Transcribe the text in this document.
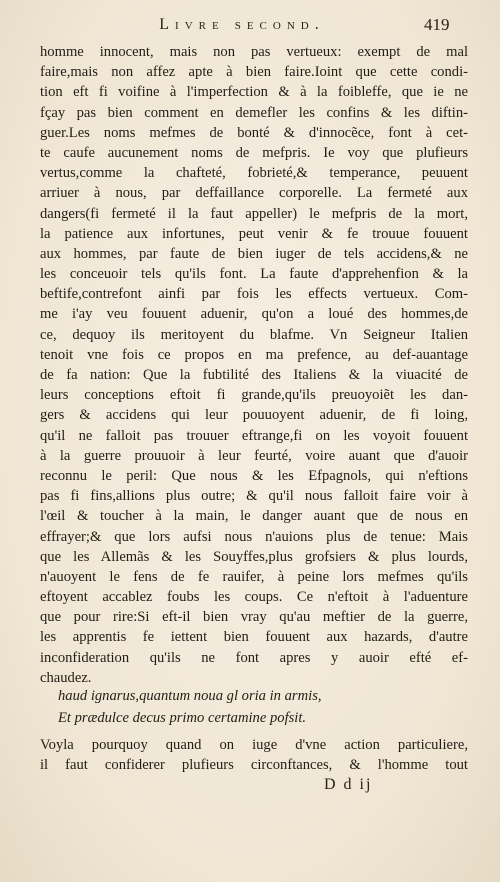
Livre second.	419
homme innocent, mais non pas vertueux: exempt de mal
faire,mais non affez apte à bien faire.Ioint que cette condi-
tion eft fi voifine à l'imperfection & à la foibleffe, que ie ne
fçay pas bien comment en demefler les confins & les diftin-
guer.Les noms mefmes de bonté & d'innocẽce, font à cet-
te caufe aucunement noms de mefpris. Ie voy que plufieurs
vertus,comme la chafteté, fobrieté,& temperance, peuuent
arriuer à nous, par deffaillance corporelle. La fermeté aux
dangers(fi fermeté il la faut appeller) le mefpris de la mort,
la patience aux infortunes, peut venir & fe trouue fouuent
aux hommes, par faute de bien iuger de tels accidens,& ne
les conceuoir tels qu'ils font. La faute d'apprehenfion & la
beftife,contrefont ainfi par fois les effects vertueux. Com-
me i'ay veu fouuent aduenir, qu'on a loué des hommes,de
ce, dequoy ils meritoyent du blafme. Vn Seigneur Italien
tenoit vne fois ce propos en ma prefence, au def-auantage
de fa nation: Que la fubtilité des Italiens & la viuacité de
leurs conceptions eftoit fi grande,qu'ils preuoyoiẽt les dan-
gers & accidens qui leur pouuoyent aduenir, de fi loing,
qu'il ne falloit pas trouuer eftrange,fi on les voyoit fouuent
à la guerre prouuoir à leur feurté, voire auant que d'auoir
reconnu le peril: Que nous & les Efpagnols, qui n'eftions
pas fi fins,allions plus outre; & qu'il nous falloit faire voir à
l'œil & toucher à la main, le danger auant que de nous en
effrayer;& que lors aufsi nous n'auions plus de tenue: Mais
que les Allemãs & les Souyffes,plus grofsiers & plus lourds,
n'auoyent le fens de fe rauifer, à peine lors mefmes qu'ils
eftoyent accablez foubs les coups. Ce n'eftoit à l'aduenture
que pour rire:Si eft-il bien vray qu'au meftier de la guerre,
les apprentis fe iettent bien fouuent aux hazards, d'autre
inconfideration qu'ils ne font apres y auoir efté ef-
chaudez.
haud ignarus,quantum noua gl oria in armis,
Et prædulce decus primo certamine pofsit.
Voyla pourquoy quand on iuge d'vne action particuliere,
il faut confiderer plufieurs circonftances, & l'homme tout
D d ij
